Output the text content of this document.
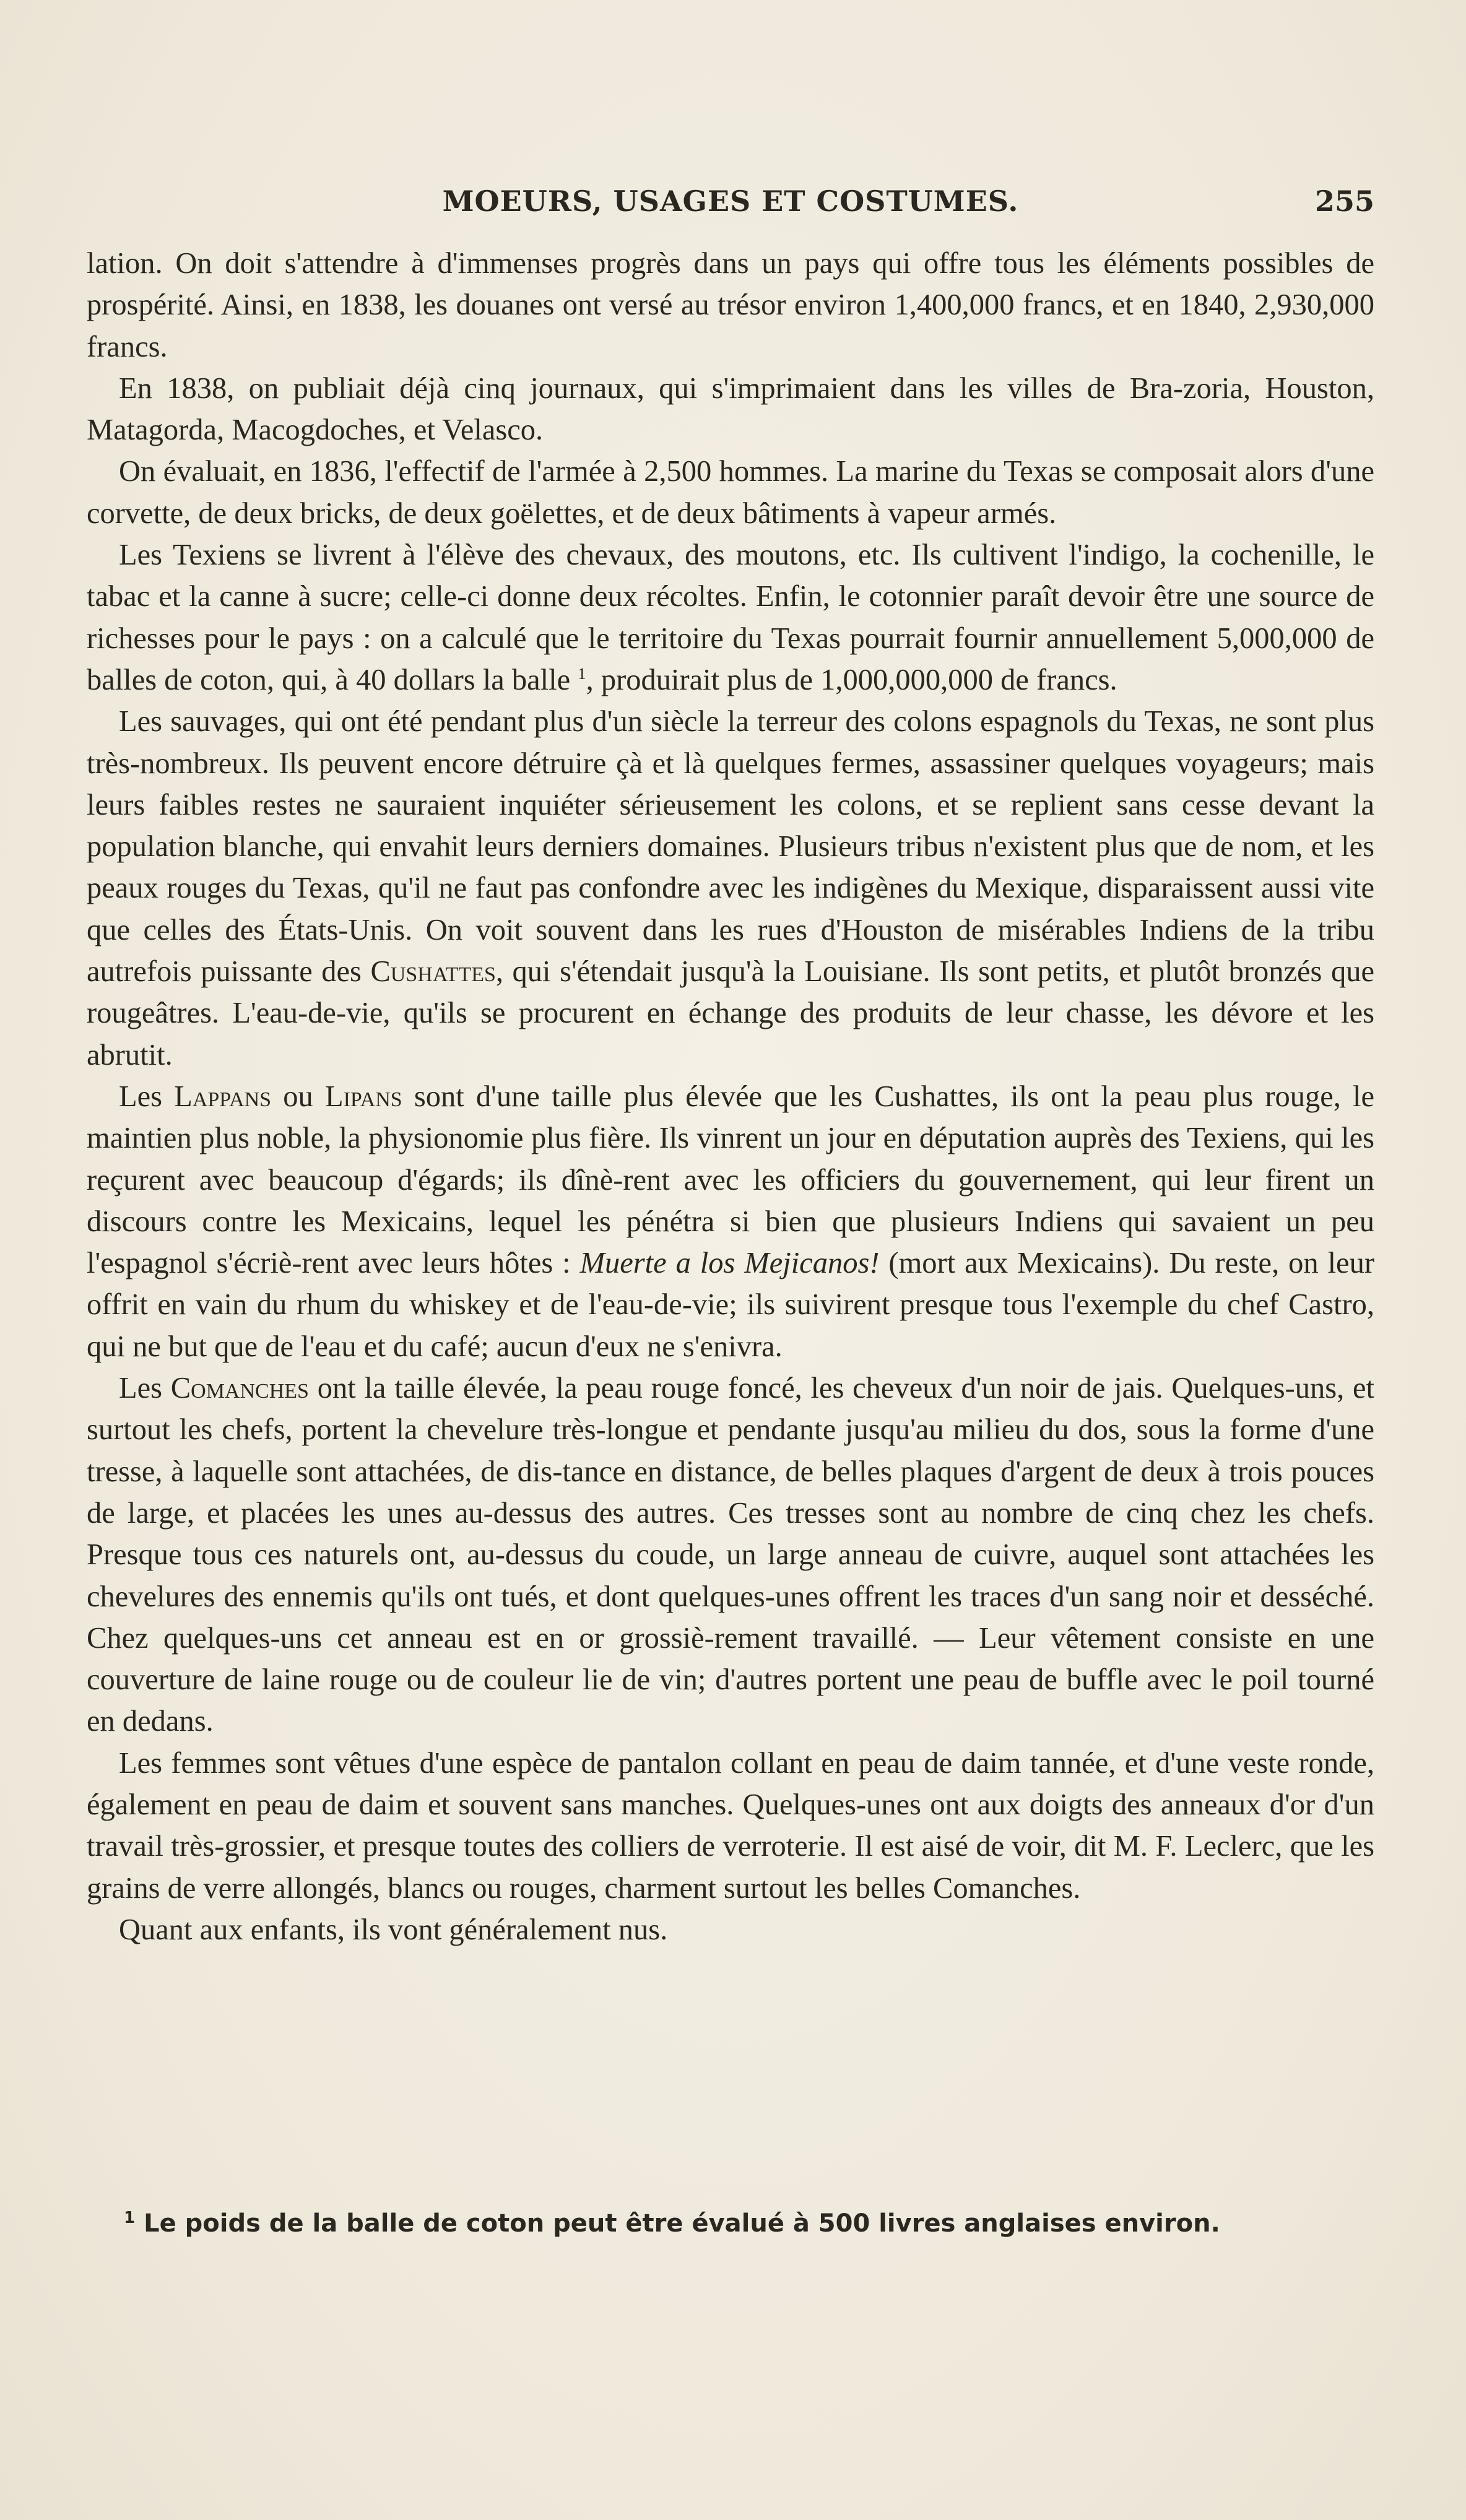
MOEURS, USAGES ET COSTUMES.	255

lation. On doit s'attendre à d'immenses progrès dans un pays qui offre tous les éléments possibles de prospérité. Ainsi, en 1838, les douanes ont versé au trésor environ 1,400,000 francs, et en 1840, 2,930,000 francs.

En 1838, on publiait déjà cinq journaux, qui s'imprimaient dans les villes de Bra-zoria, Houston, Matagorda, Macogdoches, et Velasco.

On évaluait, en 1836, l'effectif de l'armée à 2,500 hommes. La marine du Texas se composait alors d'une corvette, de deux bricks, de deux goëlettes, et de deux bâtiments à vapeur armés.

Les Texiens se livrent à l'élève des chevaux, des moutons, etc. Ils cultivent l'indigo, la cochenille, le tabac et la canne à sucre; celle-ci donne deux récoltes. Enfin, le cotonnier paraît devoir être une source de richesses pour le pays : on a calculé que le territoire du Texas pourrait fournir annuellement 5,000,000 de balles de coton, qui, à 40 dollars la balle $^1$, produirait plus de 1,000,000,000 de francs.

Les sauvages, qui ont été pendant plus d'un siècle la terreur des colons espagnols du Texas, ne sont plus très-nombreux. Ils peuvent encore détruire çà et là quelques fermes, assassiner quelques voyageurs; mais leurs faibles restes ne sauraient inquiéter sérieusement les colons, et se replient sans cesse devant la population blanche, qui envahit leurs derniers domaines. Plusieurs tribus n'existent plus que de nom, et les peaux rouges du Texas, qu'il ne faut pas confondre avec les indigènes du Mexique, disparaissent aussi vite que celles des États-Unis. On voit souvent dans les rues d'Houston de misérables Indiens de la tribu autrefois puissante des Cushattes, qui s'étendait jusqu'à la Louisiane. Ils sont petits, et plutôt bronzés que rougeâtres. L'eau-de-vie, qu'ils se procurent en échange des produits de leur chasse, les dévore et les abrutit.

Les Lappans ou Lipans sont d'une taille plus élevée que les Cushattes, ils ont la peau plus rouge, le maintien plus noble, la physionomie plus fière. Ils vinrent un jour en députation auprès des Texiens, qui les reçurent avec beaucoup d'égards; ils dînè-rent avec les officiers du gouvernement, qui leur firent un discours contre les Mexicains, lequel les pénétra si bien que plusieurs Indiens qui savaient un peu l'espagnol s'écriè-rent avec leurs hôtes : Muerte a los Mejicanos! (mort aux Mexicains). Du reste, on leur offrit en vain du rhum du whiskey et de l'eau-de-vie; ils suivirent presque tous l'exemple du chef Castro, qui ne but que de l'eau et du café; aucun d'eux ne s'enivra.

Les Comanches ont la taille élevée, la peau rouge foncé, les cheveux d'un noir de jais. Quelques-uns, et surtout les chefs, portent la chevelure très-longue et pendante jusqu'au milieu du dos, sous la forme d'une tresse, à laquelle sont attachées, de dis-tance en distance, de belles plaques d'argent de deux à trois pouces de large, et placées les unes au-dessus des autres. Ces tresses sont au nombre de cinq chez les chefs. Presque tous ces naturels ont, au-dessus du coude, un large anneau de cuivre, auquel sont attachées les chevelures des ennemis qu'ils ont tués, et dont quelques-unes offrent les traces d'un sang noir et desséché. Chez quelques-uns cet anneau est en or grossiè-rement travaillé. — Leur vêtement consiste en une couverture de laine rouge ou de couleur lie de vin; d'autres portent une peau de buffle avec le poil tourné en dedans.

Les femmes sont vêtues d'une espèce de pantalon collant en peau de daim tannée, et d'une veste ronde, également en peau de daim et souvent sans manches. Quelques-unes ont aux doigts des anneaux d'or d'un travail très-grossier, et presque toutes des colliers de verroterie. Il est aisé de voir, dit M. F. Leclerc, que les grains de verre allongés, blancs ou rouges, charment surtout les belles Comanches.

Quant aux enfants, ils vont généralement nus.

$^1$ Le poids de la balle de coton peut être évalué à 500 livres anglaises environ.
